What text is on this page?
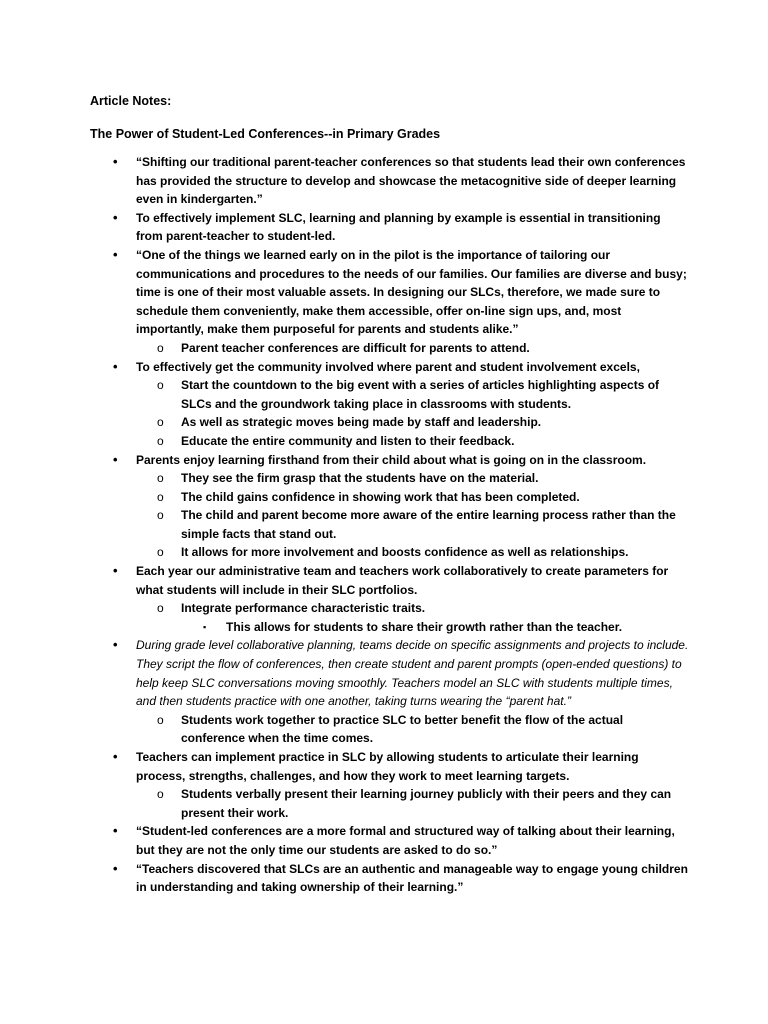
Article Notes:

The Power of Student-Led Conferences--in Primary Grades

• “Shifting our traditional parent-teacher conferences so that students lead their own conferences has provided the structure to develop and showcase the metacognitive side of deeper learning even in kindergarten.”
• To effectively implement SLC, learning and planning by example is essential in transitioning from parent-teacher to student-led.
• “One of the things we learned early on in the pilot is the importance of tailoring our communications and procedures to the needs of our families. Our families are diverse and busy; time is one of their most valuable assets. In designing our SLCs, therefore, we made sure to schedule them conveniently, make them accessible, offer on-line sign ups, and, most importantly, make them purposeful for parents and students alike.”
o Parent teacher conferences are difficult for parents to attend.
• To effectively get the community involved where parent and student involvement excels,
o Start the countdown to the big event with a series of articles highlighting aspects of SLCs and the groundwork taking place in classrooms with students.
o As well as strategic moves being made by staff and leadership.
o Educate the entire community and listen to their feedback.
• Parents enjoy learning firsthand from their child about what is going on in the classroom.
o They see the firm grasp that the students have on the material.
o The child gains confidence in showing work that has been completed.
o The child and parent become more aware of the entire learning process rather than the simple facts that stand out.
o It allows for more involvement and boosts confidence as well as relationships.
• Each year our administrative team and teachers work collaboratively to create parameters for what students will include in their SLC portfolios.
o Integrate performance characteristic traits.
▪ This allows for students to share their growth rather than the teacher.
• During grade level collaborative planning, teams decide on specific assignments and projects to include. They script the flow of conferences, then create student and parent prompts (open-ended questions) to help keep SLC conversations moving smoothly. Teachers model an SLC with students multiple times, and then students practice with one another, taking turns wearing the “parent hat.”
o Students work together to practice SLC to better benefit the flow of the actual conference when the time comes.
• Teachers can implement practice in SLC by allowing students to articulate their learning process, strengths, challenges, and how they work to meet learning targets.
o Students verbally present their learning journey publicly with their peers and they can present their work.
• “Student-led conferences are a more formal and structured way of talking about their learning, but they are not the only time our students are asked to do so.”
• “Teachers discovered that SLCs are an authentic and manageable way to engage young children in understanding and taking ownership of their learning.”
